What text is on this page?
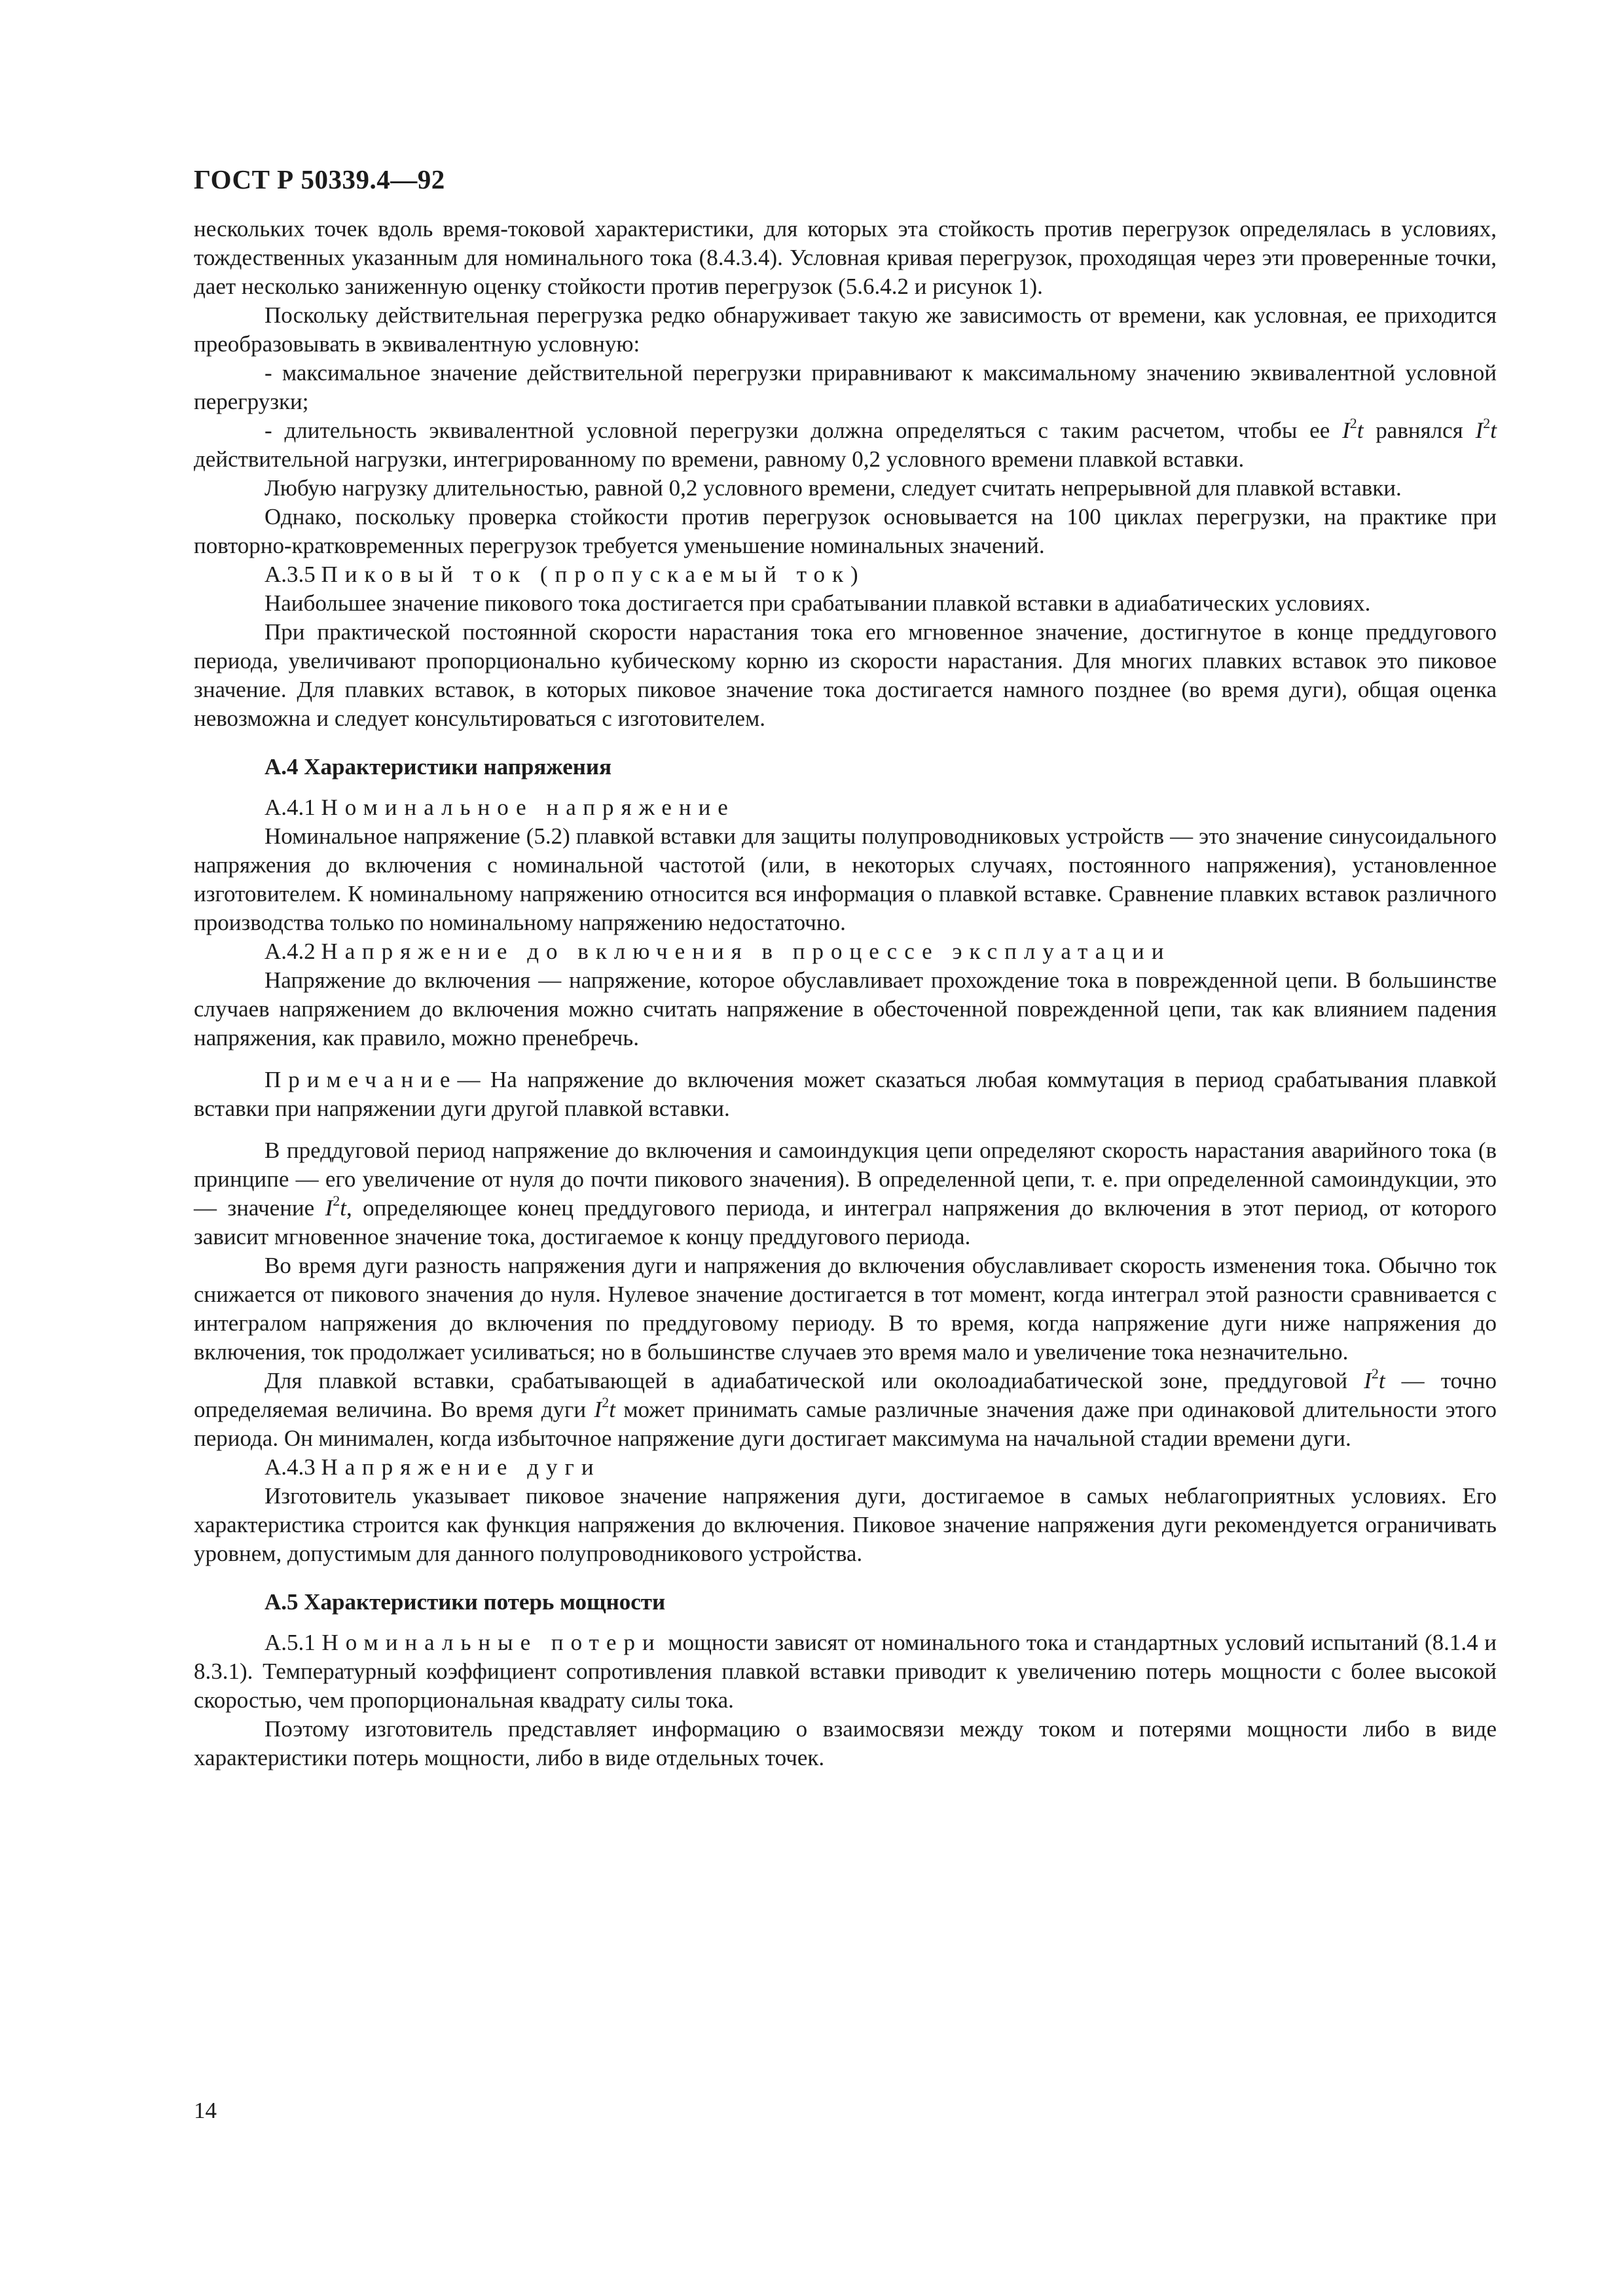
ГОСТ Р 50339.4—92

нескольких точек вдоль время-токовой характеристики, для которых эта стойкость против перегрузок определялась в условиях, тождественных указанным для номинального тока (8.4.3.4). Условная кривая перегрузок, проходящая через эти проверенные точки, дает несколько заниженную оценку стойкости против перегрузок (5.6.4.2 и рисунок 1).

Поскольку действительная перегрузка редко обнаруживает такую же зависимость от времени, как условная, ее приходится преобразовывать в эквивалентную условную:

- максимальное значение действительной перегрузки приравнивают к максимальному значению эквивалентной условной перегрузки;

- длительность эквивалентной условной перегрузки должна определяться с таким расчетом, чтобы ее $I^2t$ равнялся $I^2t$ действительной нагрузки, интегрированному по времени, равному 0,2 условного времени плавкой вставки.

Любую нагрузку длительностью, равной 0,2 условного времени, следует считать непрерывной для плавкой вставки.

Однако, поскольку проверка стойкости против перегрузок основывается на 100 циклах перегрузки, на практике при повторно-кратковременных перегрузок требуется уменьшение номинальных значений.

А.3.5 Пиковый ток (пропускаемый ток)

Наибольшее значение пикового тока достигается при срабатывании плавкой вставки в адиабатических условиях.

При практической постоянной скорости нарастания тока его мгновенное значение, достигнутое в конце преддугового периода, увеличивают пропорционально кубическому корню из скорости нарастания. Для многих плавких вставок это пиковое значение. Для плавких вставок, в которых пиковое значение тока достигается намного позднее (во время дуги), общая оценка невозможна и следует консультироваться с изготовителем.

А.4 Характеристики напряжения

А.4.1 Номинальное напряжение

Номинальное напряжение (5.2) плавкой вставки для защиты полупроводниковых устройств — это значение синусоидального напряжения до включения с номинальной частотой (или, в некоторых случаях, постоянного напряжения), установленное изготовителем. К номинальному напряжению относится вся информация о плавкой вставке. Сравнение плавких вставок различного производства только по номинальному напряжению недостаточно.

А.4.2 Напряжение до включения в процессе эксплуатации

Напряжение до включения — напряжение, которое обуславливает прохождение тока в поврежденной цепи. В большинстве случаев напряжением до включения можно считать напряжение в обесточенной поврежденной цепи, так как влиянием падения напряжения, как правило, можно пренебречь.

Примечание— На напряжение до включения может сказаться любая коммутация в период срабатывания плавкой вставки при напряжении дуги другой плавкой вставки.

В преддуговой период напряжение до включения и самоиндукция цепи определяют скорость нарастания аварийного тока (в принципе — его увеличение от нуля до почти пикового значения). В определенной цепи, т. е. при определенной самоиндукции, это — значение $I^2t$, определяющее конец преддугового периода, и интеграл напряжения до включения в этот период, от которого зависит мгновенное значение тока, достигаемое к концу преддугового периода.

Во время дуги разность напряжения дуги и напряжения до включения обуславливает скорость изменения тока. Обычно ток снижается от пикового значения до нуля. Нулевое значение достигается в тот момент, когда интеграл этой разности сравнивается с интегралом напряжения до включения по преддуговому периоду. В то время, когда напряжение дуги ниже напряжения до включения, ток продолжает усиливаться; но в большинстве случаев это время мало и увеличение тока незначительно.

Для плавкой вставки, срабатывающей в адиабатической или околоадиабатической зоне, преддуговой $I^2t$ — точно определяемая величина. Во время дуги $I^2t$ может принимать самые различные значения даже при одинаковой длительности этого периода. Он минимален, когда избыточное напряжение дуги достигает максимума на начальной стадии времени дуги.

А.4.3 Напряжение дуги

Изготовитель указывает пиковое значение напряжения дуги, достигаемое в самых неблагоприятных условиях. Его характеристика строится как функция напряжения до включения. Пиковое значение напряжения дуги рекомендуется ограничивать уровнем, допустимым для данного полупроводникового устройства.

А.5 Характеристики потерь мощности

А.5.1 Номинальные потери мощности зависят от номинального тока и стандартных условий испытаний (8.1.4 и 8.3.1). Температурный коэффициент сопротивления плавкой вставки приводит к увеличению потерь мощности с более высокой скоростью, чем пропорциональная квадрату силы тока.

Поэтому изготовитель представляет информацию о взаимосвязи между током и потерями мощности либо в виде характеристики потерь мощности, либо в виде отдельных точек.

14
